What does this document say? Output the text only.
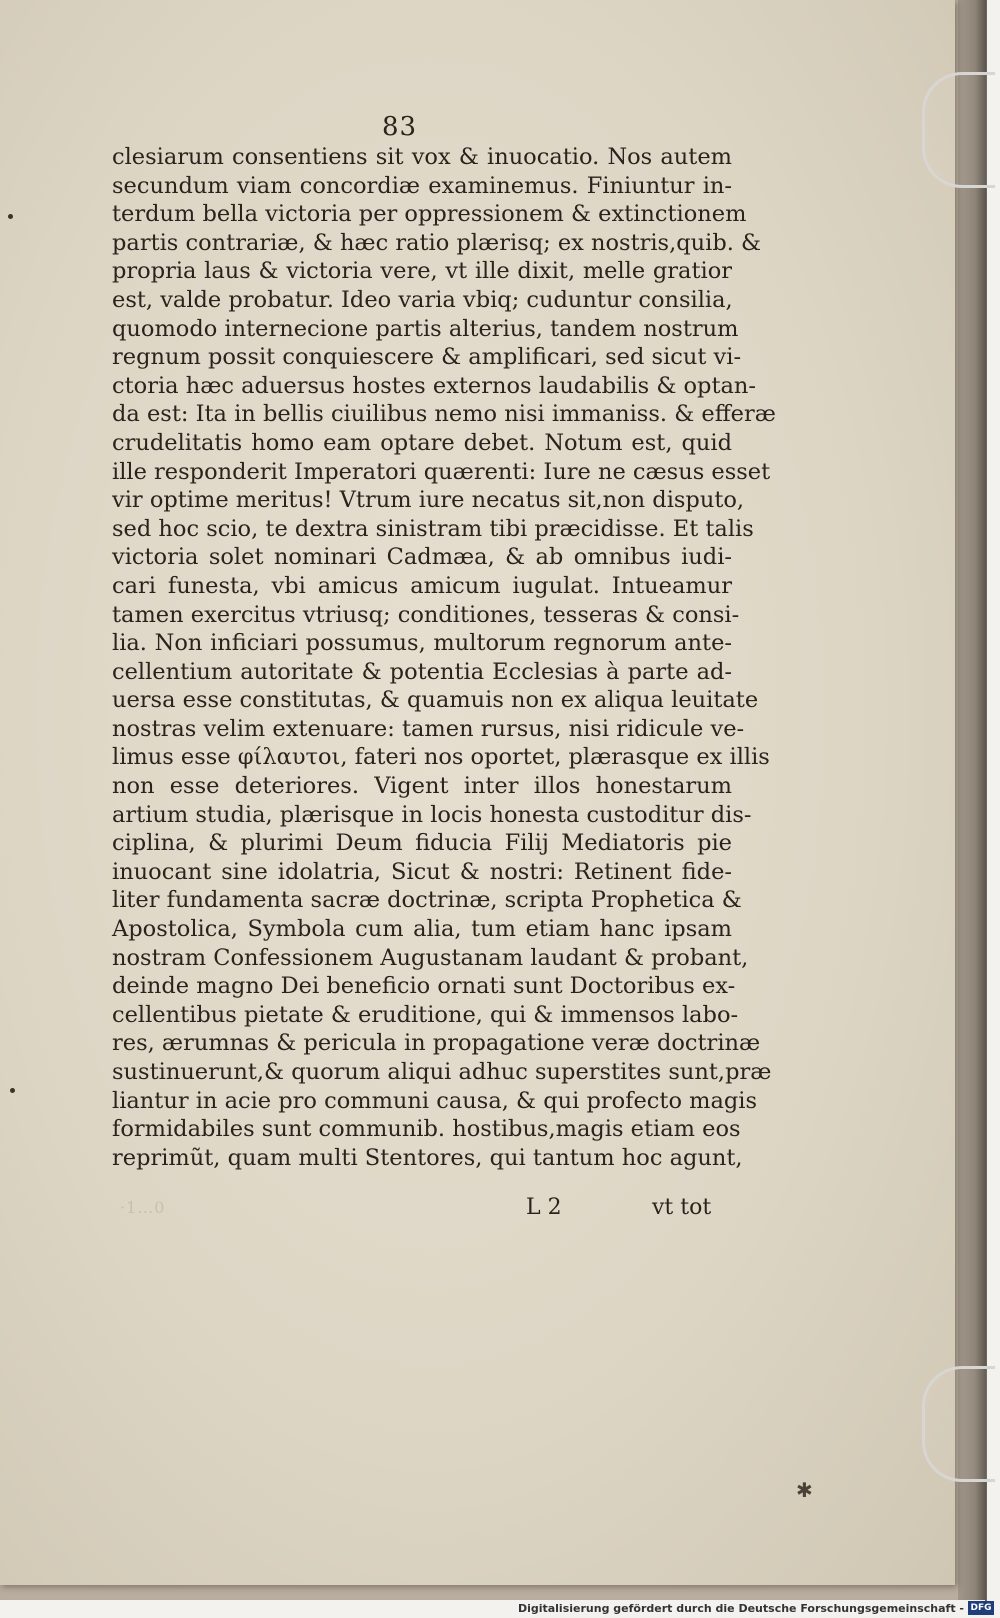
83
clesiarum consentiens sit vox & inuocatio. Nos autem
secundum viam concordiæ examinemus. Finiuntur in-
terdum bella victoria per oppressionem & extinctionem
partis contrariæ, & hæc ratio plærisq; ex nostris,quib. &
propria laus & victoria vere, vt ille dixit, melle gratior
est, valde probatur. Ideo varia vbiq; cuduntur consilia,
quomodo internecione partis alterius, tandem nostrum
regnum possit conquiescere & amplificari, sed sicut vi-
ctoria hæc aduersus hostes externos laudabilis & optan-
da est: Ita in bellis ciuilibus nemo nisi immaniss. & efferæ
crudelitatis homo eam optare debet. Notum est, quid
ille responderit Imperatori quærenti: Iure ne cæsus esset
vir optime meritus! Vtrum iure necatus sit,non disputo,
sed hoc scio, te dextra sinistram tibi præcidisse. Et talis
victoria solet nominari Cadmæa, & ab omnibus iudi-
cari funesta, vbi amicus amicum iugulat. Intueamur
tamen exercitus vtriusq; conditiones, tesseras & consi-
lia. Non inficiari possumus, multorum regnorum ante-
cellentium autoritate & potentia Ecclesias à parte ad-
uersa esse constitutas, & quamuis non ex aliqua leuitate
nostras velim extenuare: tamen rursus, nisi ridicule ve-
limus esse φίλαυτοι, fateri nos oportet, plærasque ex illis
non esse deteriores. Vigent inter illos honestarum
artium studia, plærisque in locis honesta custoditur dis-
ciplina, & plurimi Deum fiducia Filij Mediatoris pie
inuocant sine idolatria, Sicut & nostri: Retinent fide-
liter fundamenta sacræ doctrinæ, scripta Prophetica &
Apostolica, Symbola cum alia, tum etiam hanc ipsam
nostram Confessionem Augustanam laudant & probant,
deinde magno Dei beneficio ornati sunt Doctoribus ex-
cellentibus pietate & eruditione, qui & immensos labo-
res, ærumnas & pericula in propagatione veræ doctrinæ
sustinuerunt,& quorum aliqui adhuc superstites sunt,præ
liantur in acie pro communi causa, & qui profecto magis
formidabiles sunt communib. hostibus,magis etiam eos
reprimũt, quam multi Stentores, qui tantum hoc agunt,
·1…0	L 2	vt tot
✱
Digitalisierung gefördert durch die Deutsche Forschungsgemeinschaft - DFG
